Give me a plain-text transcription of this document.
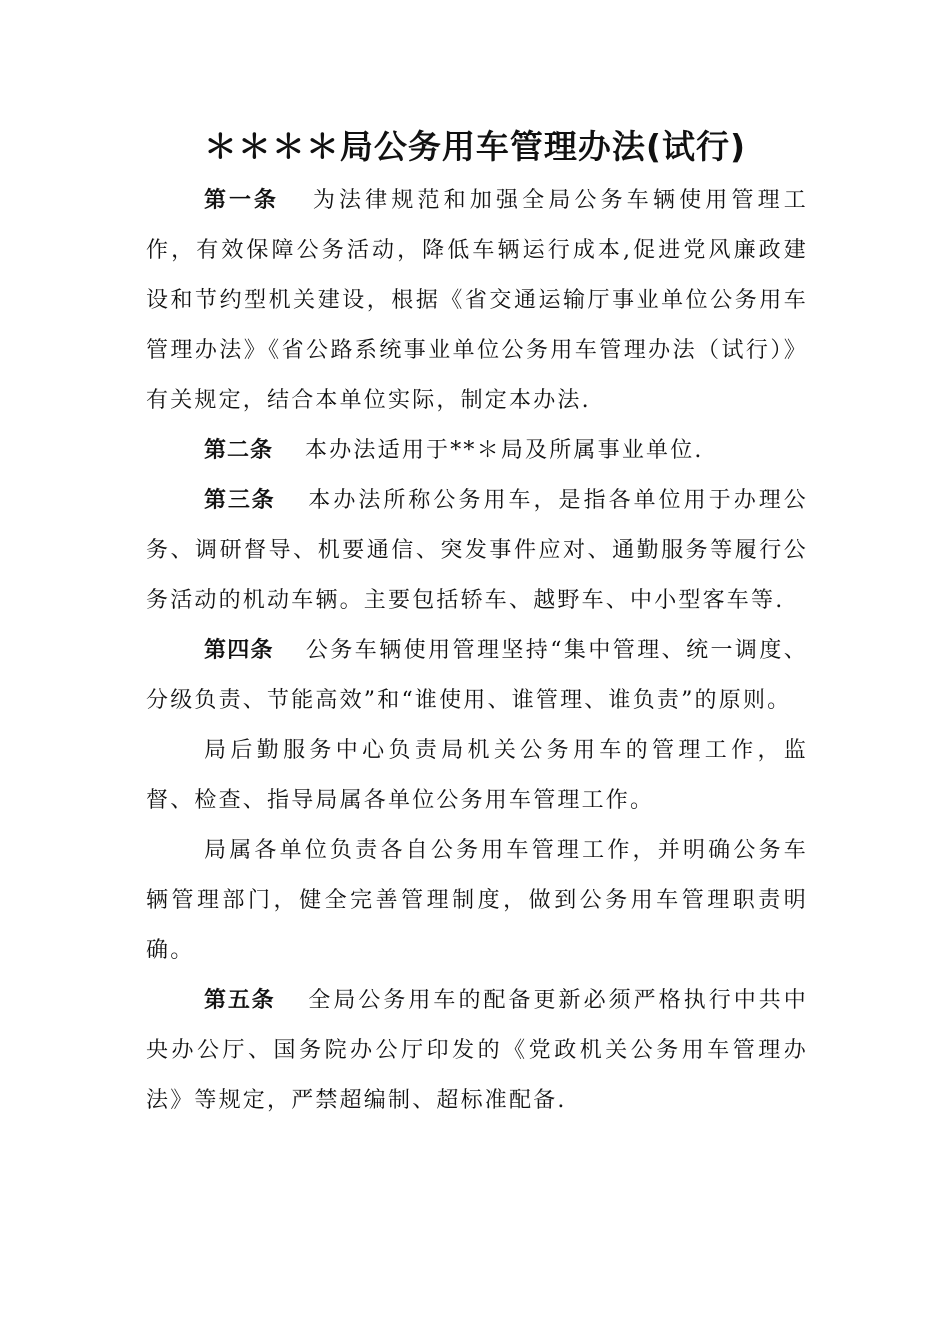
＊＊＊＊局公务用车管理办法(试行)

第一条 为法律规范和加强全局公务车辆使用管理工作，有效保障公务活动，降低车辆运行成本,促进党风廉政建设和节约型机关建设，根据《省交通运输厅事业单位公务用车管理办法》《省公路系统事业单位公务用车管理办法（试行）》有关规定，结合本单位实际，制定本办法.

第二条 本办法适用于**＊局及所属事业单位.

第三条 本办法所称公务用车，是指各单位用于办理公务、调研督导、机要通信、突发事件应对、通勤服务等履行公务活动的机动车辆。主要包括轿车、越野车、中小型客车等.

第四条 公务车辆使用管理坚持“集中管理、统一调度、分级负责、节能高效”和“谁使用、谁管理、谁负责”的原则。

局后勤服务中心负责局机关公务用车的管理工作，监督、检查、指导局属各单位公务用车管理工作。

局属各单位负责各自公务用车管理工作，并明确公务车辆管理部门，健全完善管理制度，做到公务用车管理职责明确。

第五条 全局公务用车的配备更新必须严格执行中共中央办公厅、国务院办公厅印发的《党政机关公务用车管理办法》等规定，严禁超编制、超标准配备.
